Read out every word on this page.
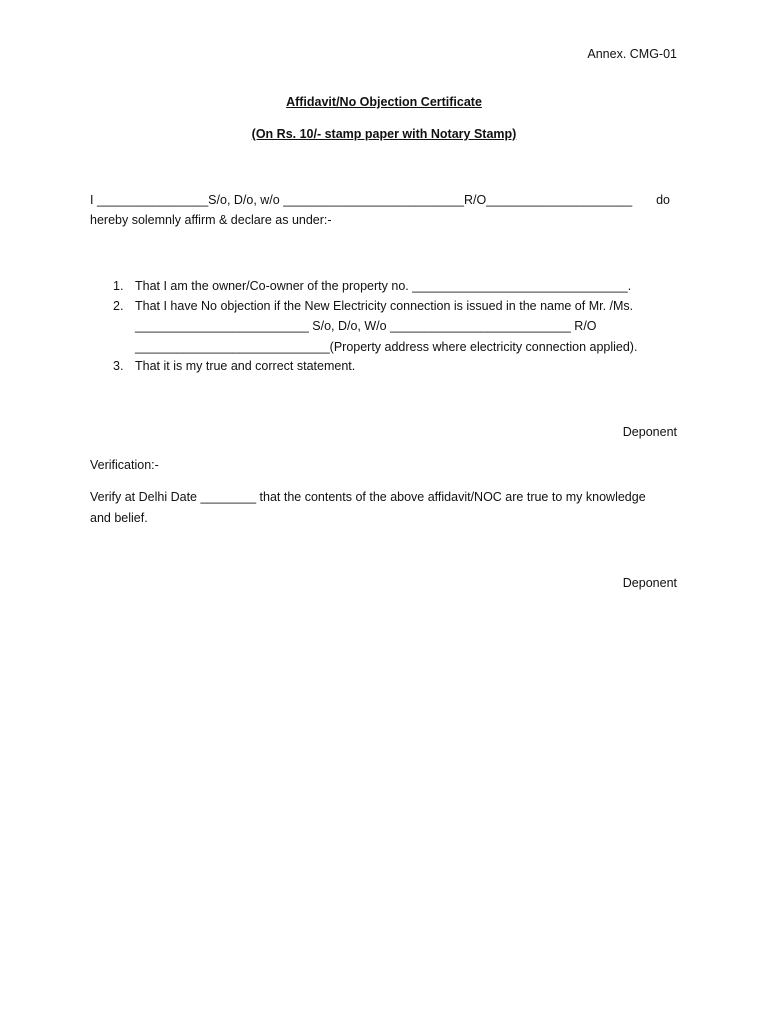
Annex. CMG-01
Affidavit/No Objection Certificate
(On Rs. 10/- stamp paper with Notary Stamp)
I ________________S/o, D/o, w/o __________________________R/O_____________________ do
hereby solemnly affirm & declare as under:-
1. That I am the owner/Co-owner of the property no. _______________________________.
2. That I have No objection if the New Electricity connection is issued in the name of Mr. /Ms.
_________________________ S/o, D/o, W/o __________________________ R/O
____________________________(Property address where electricity connection applied).
3. That it is my true and correct statement.
Deponent
Verification:-
Verify at Delhi Date ________ that the contents of the above affidavit/NOC are true to my knowledge
and belief.
Deponent
